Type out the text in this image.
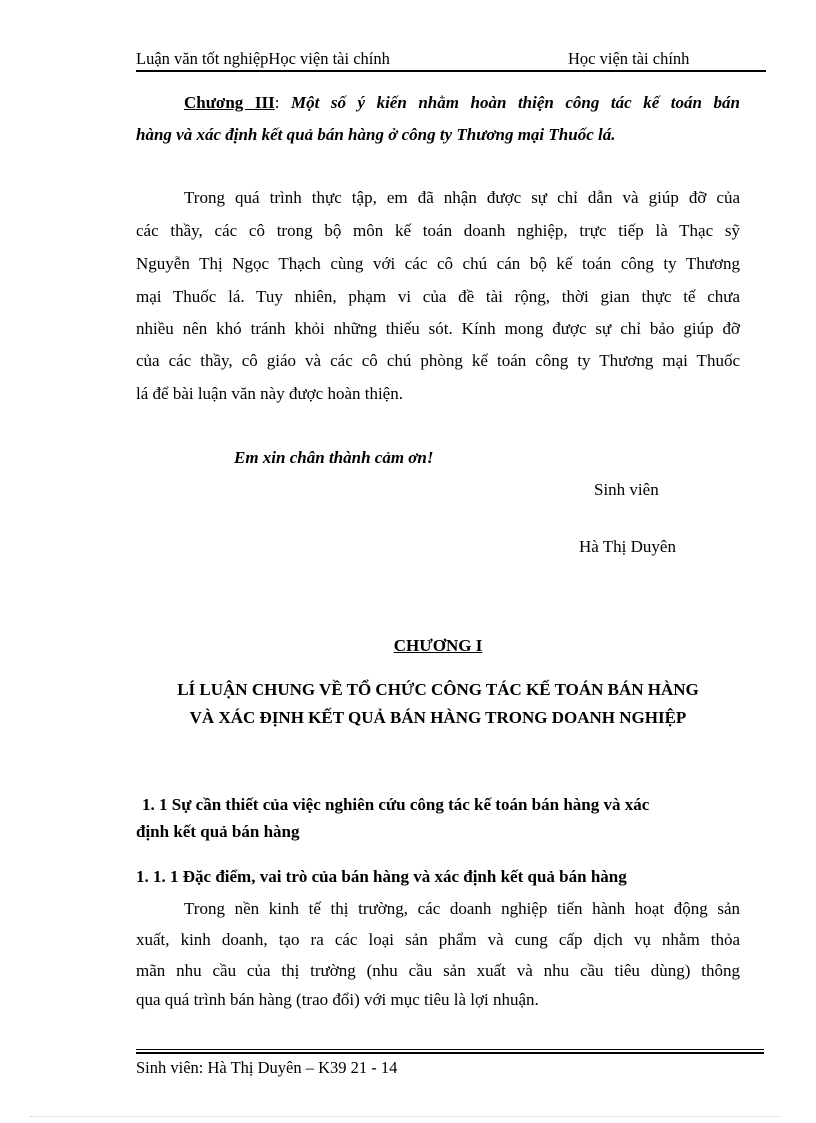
Luận văn tốt nghiệpHọc viện tài chính	Học viện tài chính
Chương III: Một số ý kiến nhằm hoàn thiện công tác kế toán bán
hàng và xác định kết quả bán hàng ở công ty Thương mại Thuốc lá.
Trong quá trình thực tập, em đã nhận được sự chỉ dẫn và giúp đỡ của
các thầy, các cô trong bộ môn kế toán doanh nghiệp, trực tiếp là Thạc sỹ
Nguyễn Thị Ngọc Thạch cùng với các cô chú cán bộ kế toán công ty Thương
mại Thuốc lá. Tuy nhiên, phạm vi của đề tài rộng, thời gian thực tế chưa
nhiều nên khó tránh khỏi những thiếu sót. Kính mong được sự chỉ bảo giúp đỡ
của các thầy, cô giáo và các cô chú phòng kế toán công ty Thương mại Thuốc
lá để bài luận văn này được hoàn thiện.
Em xin chân thành cảm ơn!
Sinh viên
Hà Thị Duyên
CHƯƠNG I
LÍ LUẬN CHUNG VỀ TỔ CHỨC CÔNG TÁC KẾ TOÁN BÁN HÀNG
VÀ XÁC ĐỊNH KẾT QUẢ BÁN HÀNG TRONG DOANH NGHIỆP
1. 1 Sự cần thiết của việc nghiên cứu công tác kế toán bán hàng và xác
định kết quả bán hàng
1. 1. 1 Đặc điểm, vai trò của bán hàng và xác định kết quả bán hàng
Trong nền kinh tế thị trường, các doanh nghiệp tiến hành hoạt động sản
xuất, kinh doanh, tạo ra các loại sản phẩm và cung cấp dịch vụ nhằm thỏa
mãn nhu cầu của thị trường (nhu cầu sản xuất và nhu cầu tiêu dùng) thông
qua quá trình bán hàng (trao đổi) với mục tiêu là lợi nhuận.
Sinh viên: Hà Thị Duyên – K39 21 - 14
